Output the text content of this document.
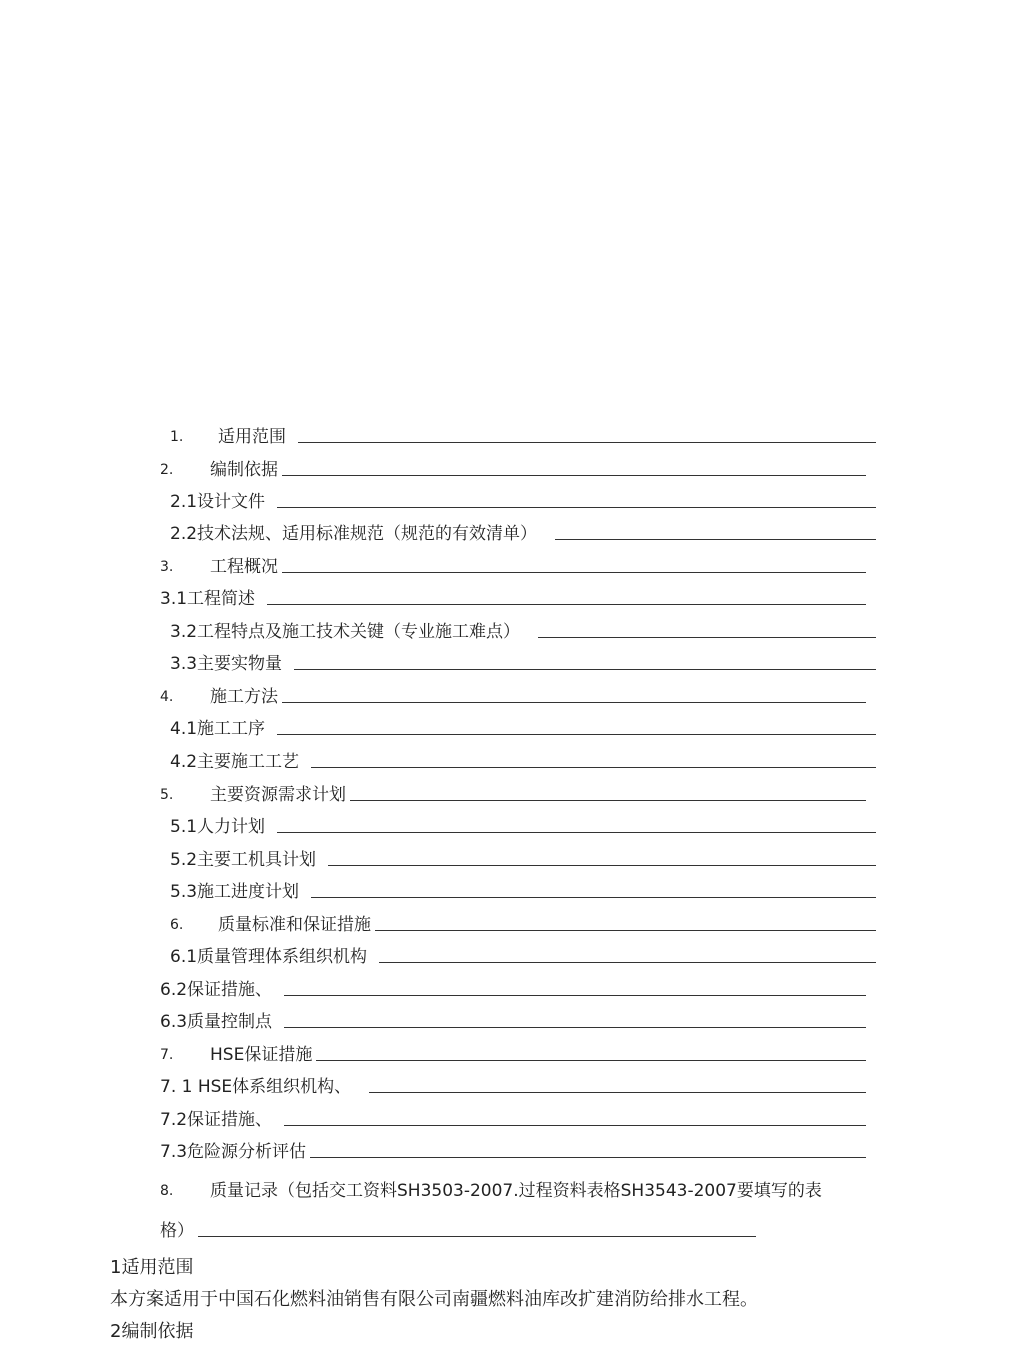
1.	适用范围
2.	编制依据
2.1设计文件
2.2技术法规、适用标准规范（规范的有效清单）
3.	工程概况
3.1工程简述
3.2工程特点及施工技术关键（专业施工难点）
3.3主要实物量
4.	施工方法
4.1施工工序
4.2主要施工工艺
5.	主要资源需求计划
5.1人力计划
5.2主要工机具计划
5.3施工进度计划
6.	质量标准和保证措施
6.1质量管理体系组织机构
6.2保证措施、
6.3质量控制点
7.	HSE保证措施
7. 1 HSE体系组织机构、
7.2保证措施、
7.3危险源分析评估
8.	质量记录（包括交工资料SH3503-2007.过程资料表格SH3543-2007要填写的表
格）
1适用范围
本方案适用于中国石化燃料油销售有限公司南疆燃料油库改扩建消防给排水工程。
2编制依据
